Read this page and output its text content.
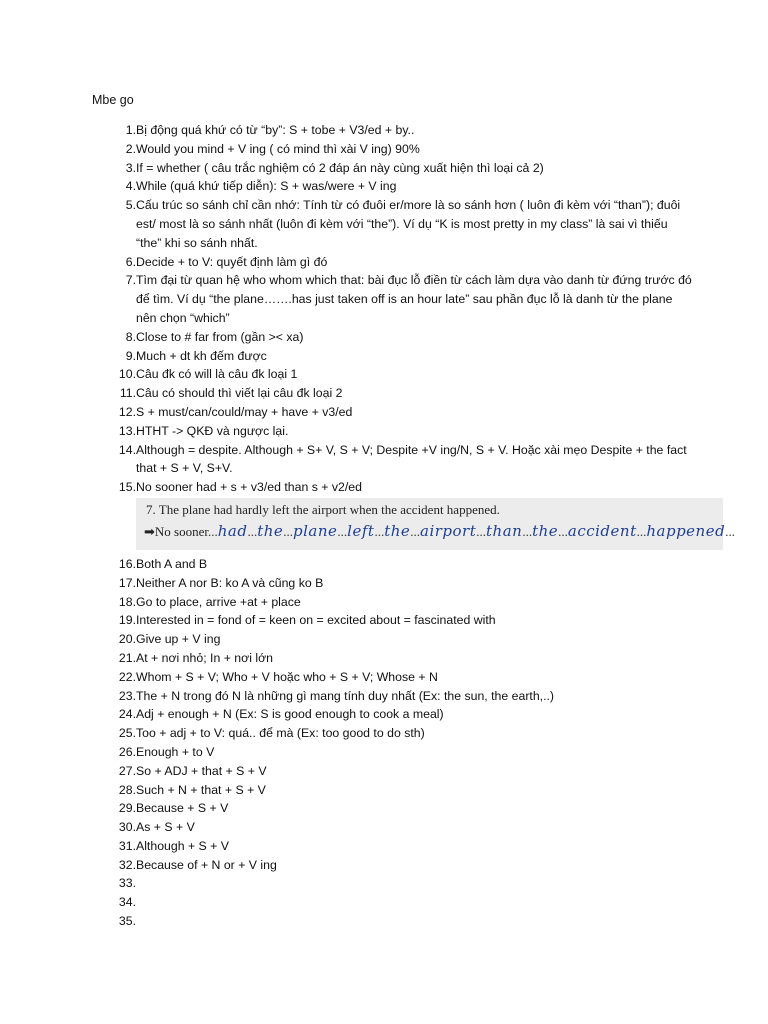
Mbe go
1. Bị động quá khứ có từ “by”: S + tobe + V3/ed + by..
2. Would you mind + V ing ( có mind thì xài V ing) 90%
3. If = whether ( câu trắc nghiệm có 2 đáp án này cùng xuất hiện thì loại cả 2)
4. While (quá khứ tiếp diễn): S + was/were + V ing
5. Cấu trúc so sánh chỉ cần nhớ: Tính từ có đuôi er/more là so sánh hơn ( luôn đi kèm với “than”); đuôi est/ most là so sánh nhất (luôn đi kèm với “the”). Ví dụ “K is most pretty in my class” là sai vì thiếu “the” khi so sánh nhất.
6. Decide + to V: quyết định làm gì đó
7. Tìm đại từ quan hệ who whom which that: bài đục lỗ điền từ cách làm dựa vào danh từ đứng trước đó để tìm. Ví dụ “the plane…….has just taken off is an hour late” sau phần đục lỗ là danh từ the plane nên chọn “which”
8. Close to # far from (gần >< xa)
9. Much + dt kh đếm được
10. Câu đk có will là câu đk loại 1
11. Câu có should thì viết lại câu đk loại 2
12. S + must/can/could/may + have + v3/ed
13. HTHT -> QKĐ và ngược lại.
14. Although = despite. Although + S+ V, S + V; Despite +V ing/N, S + V. Hoặc xài mẹo Despite + the fact that + S + V, S+V.
15. No sooner had + s + v3/ed than s + v2/ed
7. The plane had hardly left the airport when the accident happened.
➡No sooner...had...the...plane...left...the...airport...than...the...accident...happened...
16. Both A and B
17. Neither A nor B: ko A và cũng ko B
18. Go to place, arrive +at + place
19. Interested in = fond of = keen on = excited about = fascinated with
20. Give up + V ing
21. At + nơi nhỏ; In + nơi lớn
22. Whom + S + V; Who + V hoặc who + S + V; Whose + N
23. The + N trong đó N là những gì mang tính duy nhất (Ex: the sun, the earth,..)
24. Adj + enough + N (Ex: S is good enough to cook a meal)
25. Too + adj + to V: quá.. để mà (Ex: too good to do sth)
26. Enough + to V
27. So + ADJ + that + S + V
28. Such + N + that + S + V
29. Because + S + V
30. As + S + V
31. Although + S + V
32. Because of + N or + V ing
33.

34.

35.
